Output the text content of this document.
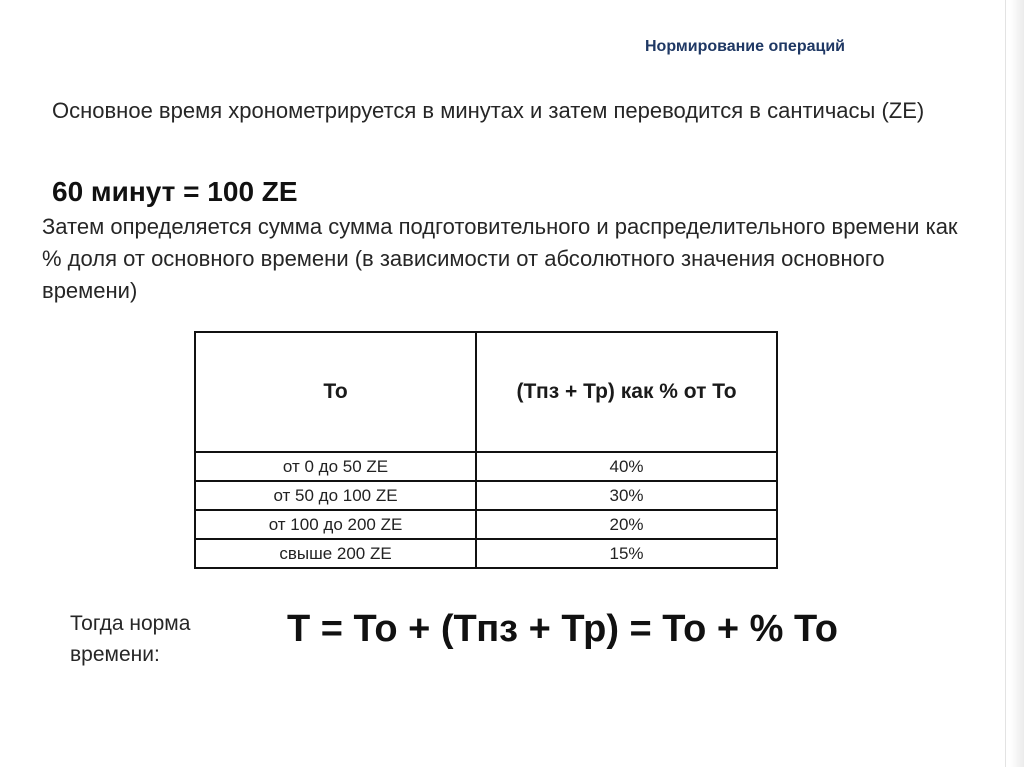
Нормирование операций
Основное время хронометрируется в минутах и затем переводится в сантичасы (ZE)
60 минут = 100 ZE
Затем определяется сумма сумма подготовительного и распределительного времени как % доля от основного времени (в зависимости от абсолютного значения основного времени)
То	(Тпз + Тр) как % от То
от 0 до 50 ZE	40%
от 50 до 100 ZE	30%
от 100 до 200 ZE	20%
свыше 200 ZE	15%
Тогда норма времени:
Т = То + (Тпз + Тр) = То + % То
